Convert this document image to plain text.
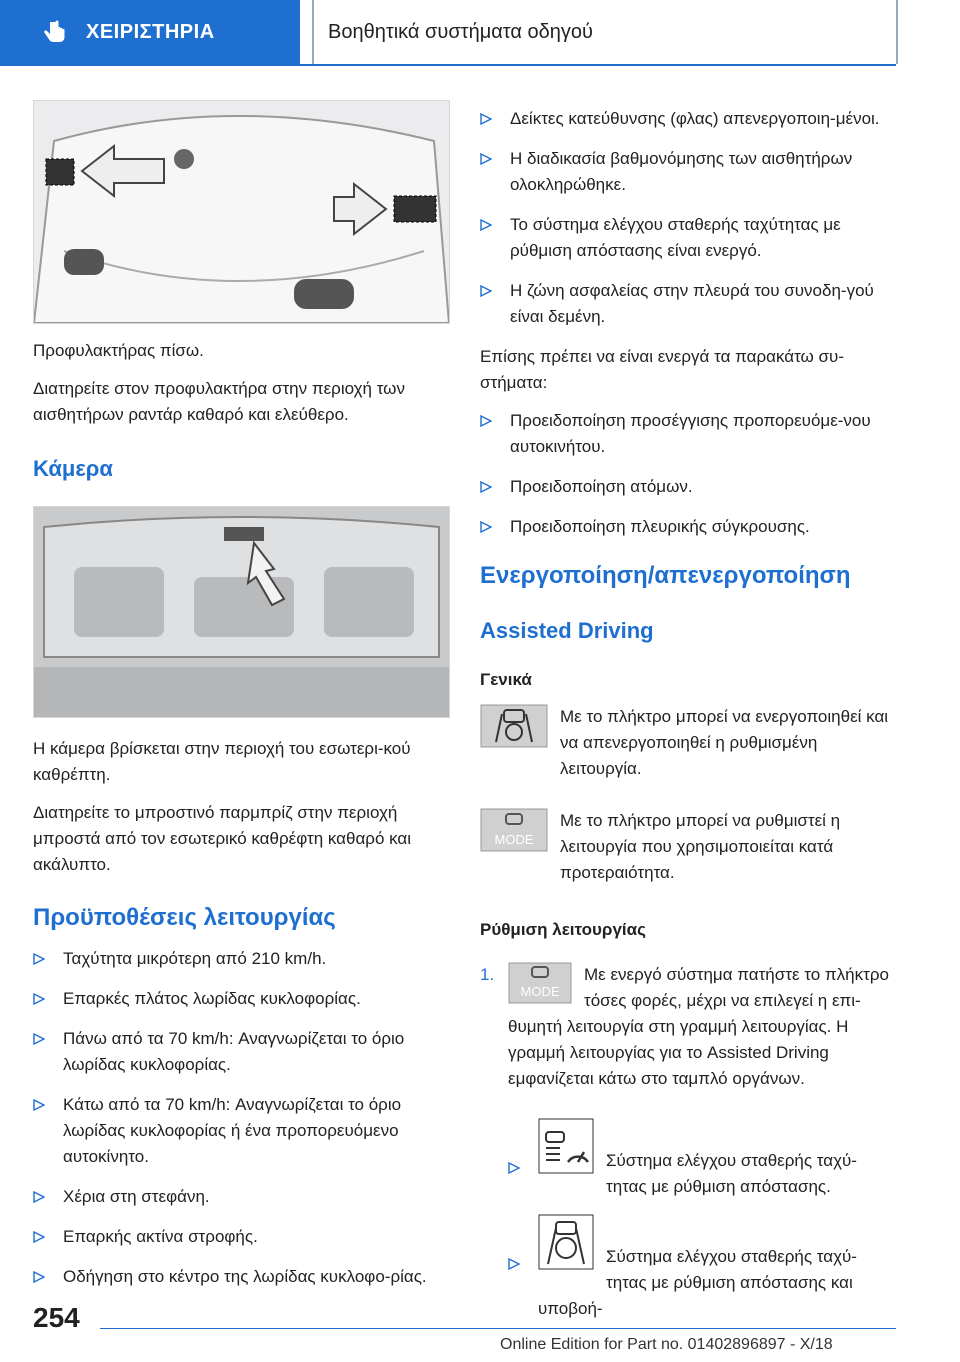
ΧΕΙΡΙΣΤΗΡΙΑ	Βοηθητικά συστήματα οδηγού

Προφυλακτήρας πίσω.

Διατηρείτε στον προφυλακτήρα στην περιοχή των αισθητήρων ραντάρ καθαρό και ελεύθερο.

Κάμερα

Η κάμερα βρίσκεται στην περιοχή του εσωτερι-κού καθρέπτη.

Διατηρείτε το μπροστινό παρμπρίζ στην περιοχή μπροστά από τον εσωτερικό καθρέφτη καθαρό και ακάλυπτο.

Προϋποθέσεις λειτουργίας
Ταχύτητα μικρότερη από 210 km/h.
Επαρκές πλάτος λωρίδας κυκλοφορίας.
Πάνω από τα 70 km/h: Αναγνωρίζεται το όριο λωρίδας κυκλοφορίας.
Κάτω από τα 70 km/h: Αναγνωρίζεται το όριο λωρίδας κυκλοφορίας ή ένα προπορευόμενο αυτοκίνητο.
Χέρια στη στεφάνη.
Επαρκής ακτίνα στροφής.
Οδήγηση στο κέντρο της λωρίδας κυκλοφο-ρίας.
Δείκτες κατεύθυνσης (φλας) απενεργοποιη-μένοι.
Η διαδικασία βαθμονόμησης των αισθητήρων ολοκληρώθηκε.
Το σύστημα ελέγχου σταθερής ταχύτητας με ρύθμιση απόστασης είναι ενεργό.
Η ζώνη ασφαλείας στην πλευρά του συνοδη-γού είναι δεμένη.

Επίσης πρέπει να είναι ενεργά τα παρακάτω συ-στήματα:

Προειδοποίηση προσέγγισης προπορευόμε-νου αυτοκινήτου.
Προειδοποίηση ατόμων.
Προειδοποίηση πλευρικής σύγκρουσης.
Ενεργοποίηση/απενεργοποίηση
Assisted Driving
Γενικά

Με το πλήκτρο μπορεί να ενεργοποιηθεί και να απενεργοποιηθεί η ρυθμισμένη λειτουργία.

MODE

Με το πλήκτρο μπορεί να ρυθμιστεί η λειτουργία που χρησιμοποιείται κατά προτεραιότητα.

Ρύθμιση λειτουργίας
1.
MODE

Με ενεργό σύστημα πατήστε το πλήκτρο τόσες φορές, μέχρι να επιλεγεί η επι-θυμητή λειτουργία στη γραμμή λειτουργίας. Η γραμμή λειτουργίας για το Assisted Driving εμφανίζεται κάτω στο ταμπλό οργάνων.

Σύστημα ελέγχου σταθερής ταχύ-τητας με ρύθμιση απόστασης.
Σύστημα ελέγχου σταθερής ταχύ-τητας με ρύθμιση απόστασης και υποβοή-
254
Online Edition for Part no. 01402896897 - X/18
